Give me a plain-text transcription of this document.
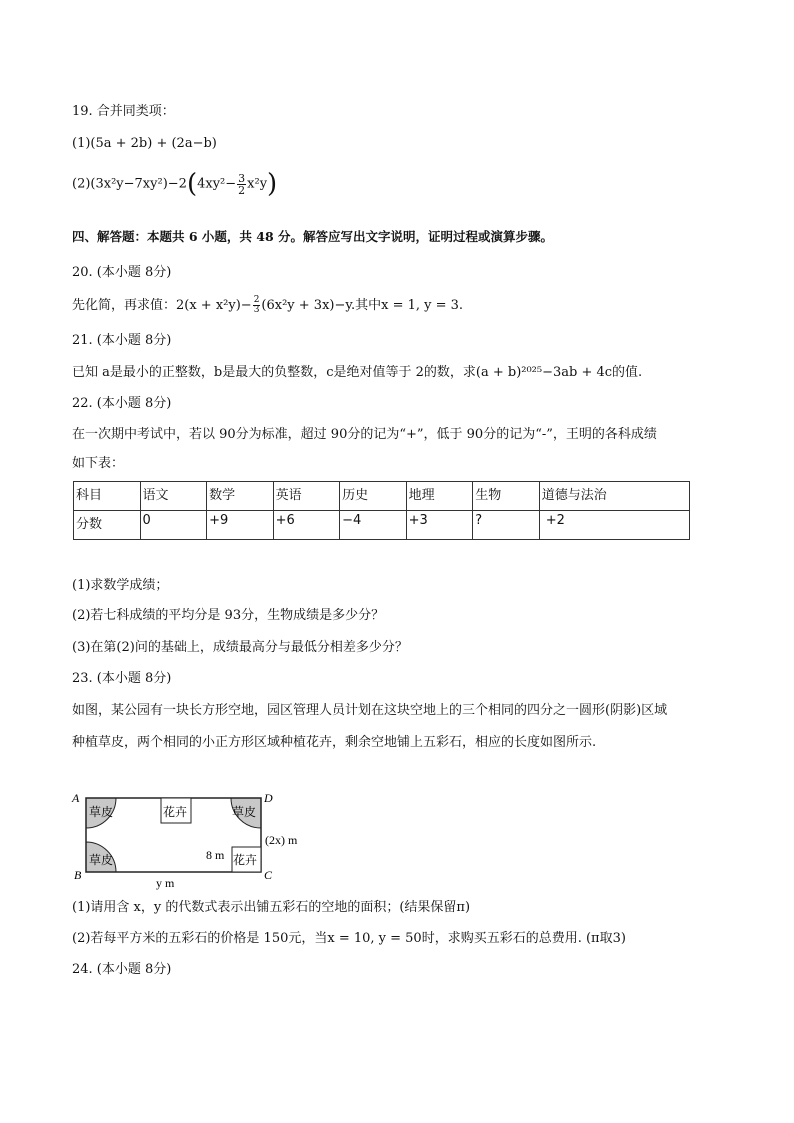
19. 合并同类项：
(1)(5a + 2b) + (2a−b)
$(2)(3x^2y-7xy^2)-2(4xy^2- \frac{3}{2} x^2y)$
四、解答题：本题共 6 小题，共 48 分。解答应写出文字说明，证明过程或演算步骤。
20. (本小题 8分)
先化简，再求值：$2(x + x^2y)- \frac{2}{3} (6x^2y + 3x)-y$.其中x = 1, y = 3.
21. (本小题 8分)
已知 a是最小的正整数，b是最大的负整数，c是绝对值等于 2的数，求(a + b)²⁰²⁵−3ab + 4c的值.
22. (本小题 8分)
在一次期中考试中，若以 90分为标准，超过 90分的记为“+”，低于 90分的记为“-”，王明的各科成绩
如下表：
科目	语文	数学	英语	历史	地理	生物	道德与法治
分数	0	+9	+6	−4	+3	?	+2
(1)求数学成绩；
(2)若七科成绩的平均分是 93分，生物成绩是多少分？
(3)在第(2)问的基础上，成绩最高分与最低分相差多少分？
23. (本小题 8分)
如图，某公园有一块长方形空地，园区管理人员计划在这块空地上的三个相同的四分之一圆形(阴影)区域
种植草皮，两个相同的小正方形区域种植花卉，剩余空地铺上五彩石，相应的长度如图所示.
A	D
B	C
草皮	草皮
草皮
花卉
花卉
8 m
(2x) m
y m
(1)请用含 x，y 的代数式表示出铺五彩石的空地的面积；(结果保留π)
(2)若每平方米的五彩石的价格是 150元，当x = 10, y = 50时，求购买五彩石的总费用. (π取3)
24. (本小题 8分)
